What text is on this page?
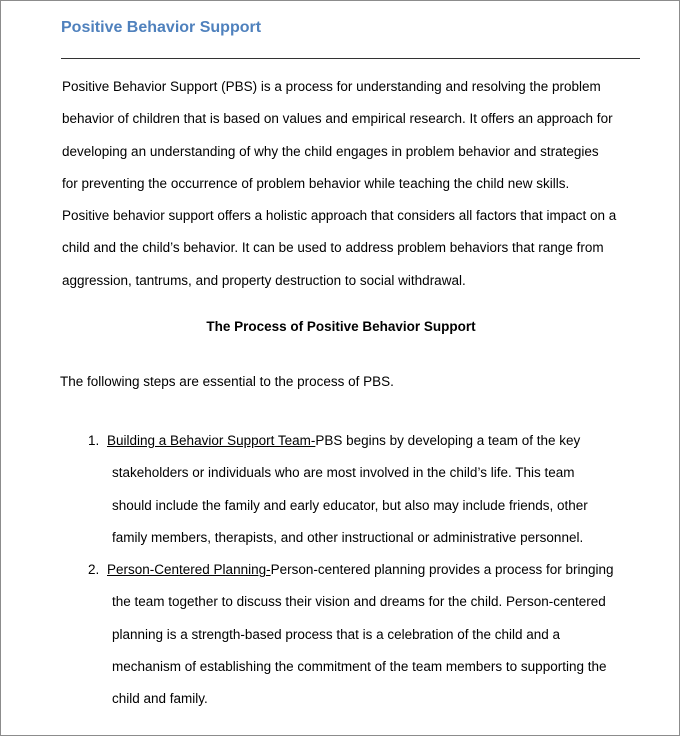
Positive Behavior Support

Positive Behavior Support (PBS) is a process for understanding and resolving the problem
behavior of children that is based on values and empirical research. It offers an approach for
developing an understanding of why the child engages in problem behavior and strategies
for preventing the occurrence of problem behavior while teaching the child new skills.
Positive behavior support offers a holistic approach that considers all factors that impact on a
child and the child’s behavior. It can be used to address problem behaviors that range from
aggression, tantrums, and property destruction to social withdrawal.

The Process of Positive Behavior Support

The following steps are essential to the process of PBS.

1. Building a Behavior Support Team-PBS begins by developing a team of the key
stakeholders or individuals who are most involved in the child’s life. This team
should include the family and early educator, but also may include friends, other
family members, therapists, and other instructional or administrative personnel.
2. Person-Centered Planning-Person-centered planning provides a process for bringing
the team together to discuss their vision and dreams for the child. Person-centered
planning is a strength-based process that is a celebration of the child and a
mechanism of establishing the commitment of the team members to supporting the
child and family.
